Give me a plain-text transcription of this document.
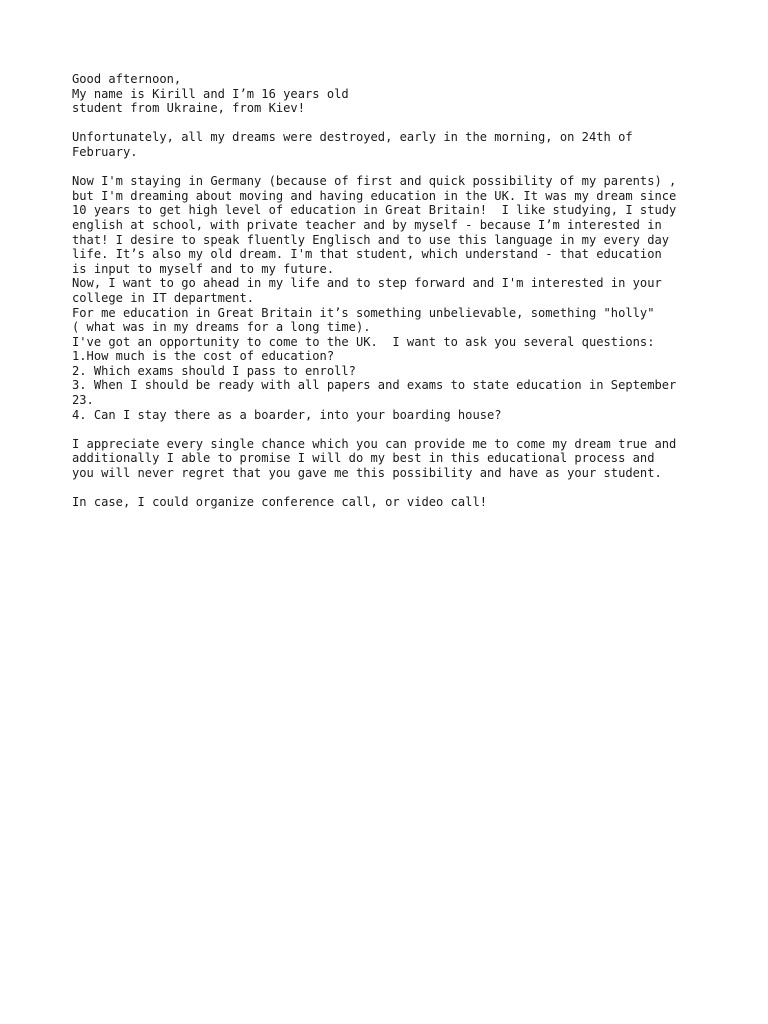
Good afternoon,
My name is Kirill and I’m 16 years old
student from Ukraine, from Kiev!

Unfortunately, all my dreams were destroyed, early in the morning, on 24th of
February.

Now I'm staying in Germany (because of first and quick possibility of my parents) ,
but I'm dreaming about moving and having education in the UK. It was my dream since
10 years to get high level of education in Great Britain!  I like studying, I study
english at school, with private teacher and by myself - because I’m interested in
that! I desire to speak fluently Englisch and to use this language in my every day
life. It’s also my old dream. I'm that student, which understand - that education
is input to myself and to my future.
Now, I want to go ahead in my life and to step forward and I'm interested in your
college in IT department.
For me education in Great Britain it’s something unbelievable, something "holly"
( what was in my dreams for a long time).
I've got an opportunity to come to the UK.  I want to ask you several questions:
1.How much is the cost of education?
2. Which exams should I pass to enroll?
3. When I should be ready with all papers and exams to state education in September
23.
4. Can I stay there as a boarder, into your boarding house?

I appreciate every single chance which you can provide me to come my dream true and
additionally I able to promise I will do my best in this educational process and
you will never regret that you gave me this possibility and have as your student.

In case, I could organize conference call, or video call!
